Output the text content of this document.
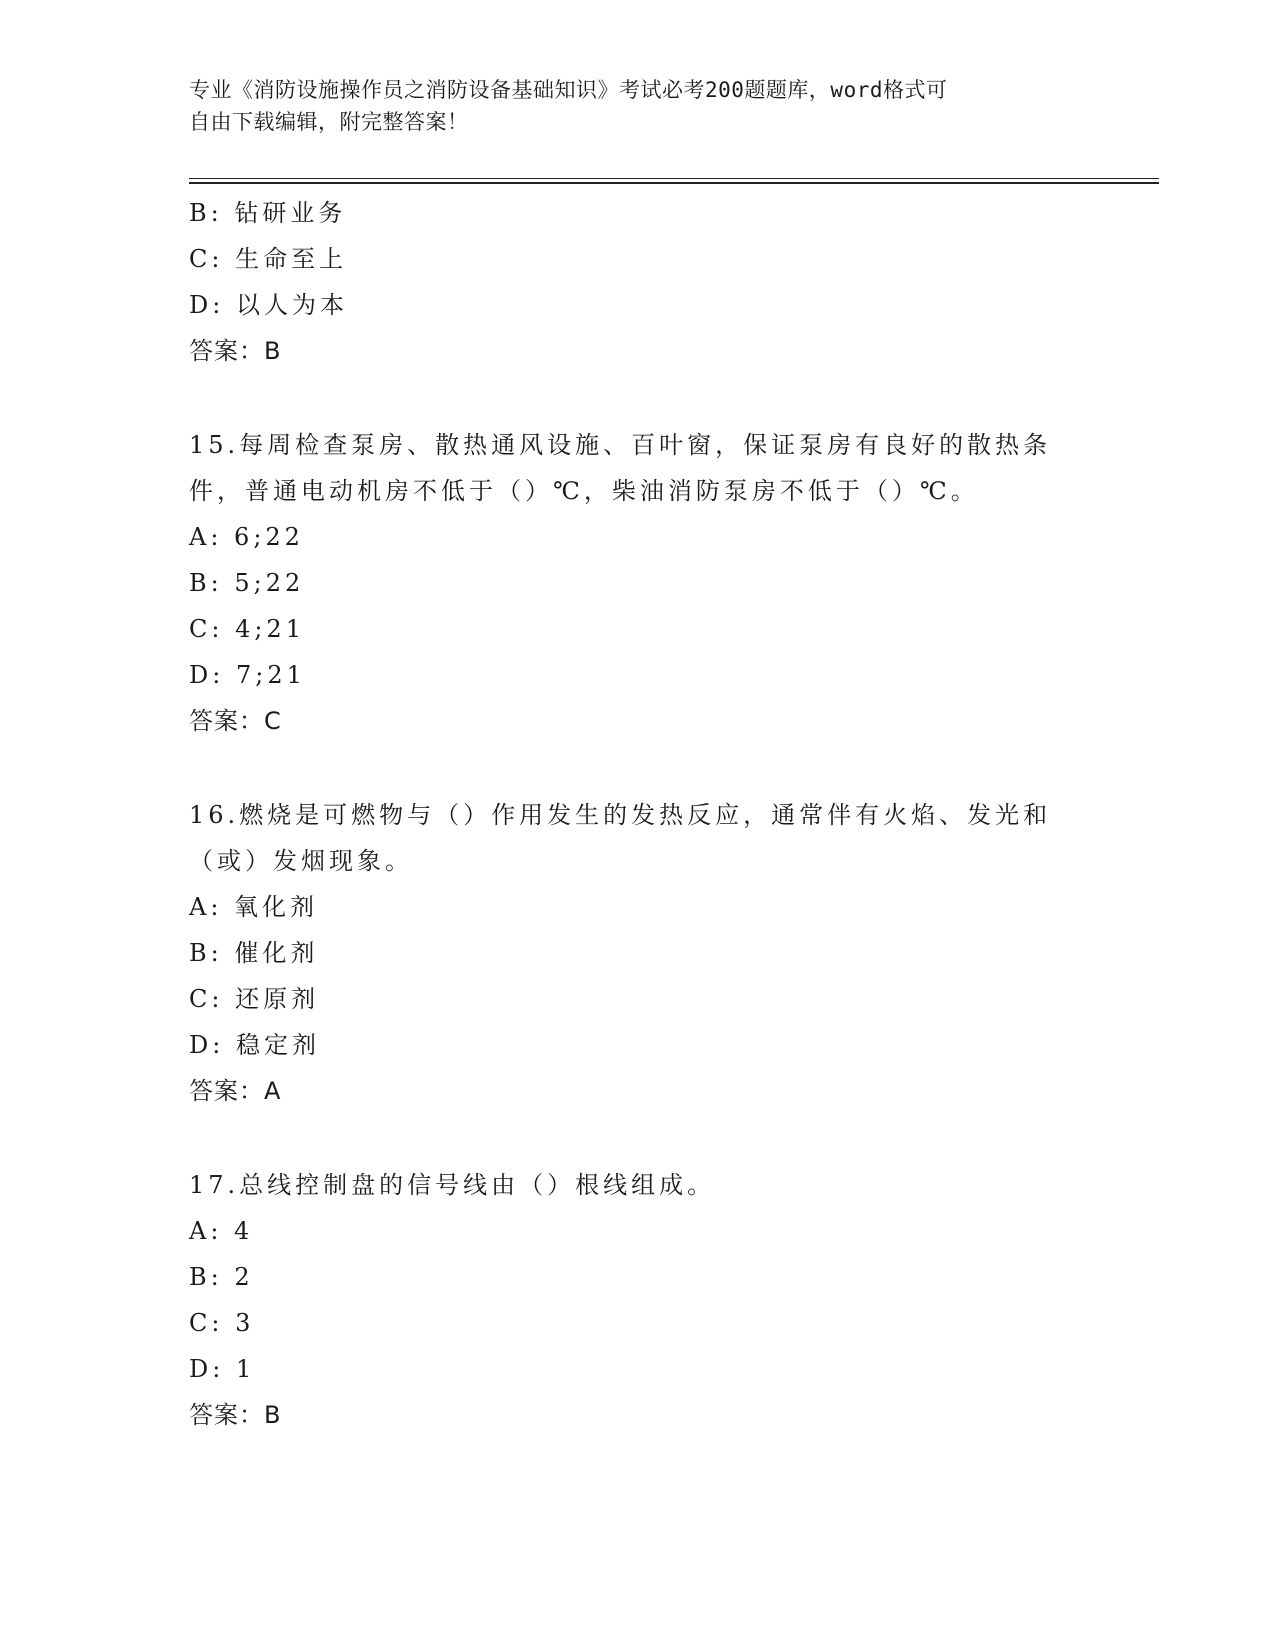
专业《消防设施操作员之消防设备基础知识》考试必考200题题库，word格式可
自由下载编辑，附完整答案！
B: 钻研业务
C: 生命至上
D: 以人为本
答案：B
15.每周检查泵房、散热通风设施、百叶窗，保证泵房有良好的散热条
件，普通电动机房不低于（）℃，柴油消防泵房不低于（）℃。
A: 6;22
B: 5;22
C: 4;21
D: 7;21
答案：C
16.燃烧是可燃物与（）作用发生的发热反应，通常伴有火焰、发光和
（或）发烟现象。
A: 氧化剂
B: 催化剂
C: 还原剂
D: 稳定剂
答案：A
17.总线控制盘的信号线由（）根线组成。
A: 4
B: 2
C: 3
D: 1
答案：B
